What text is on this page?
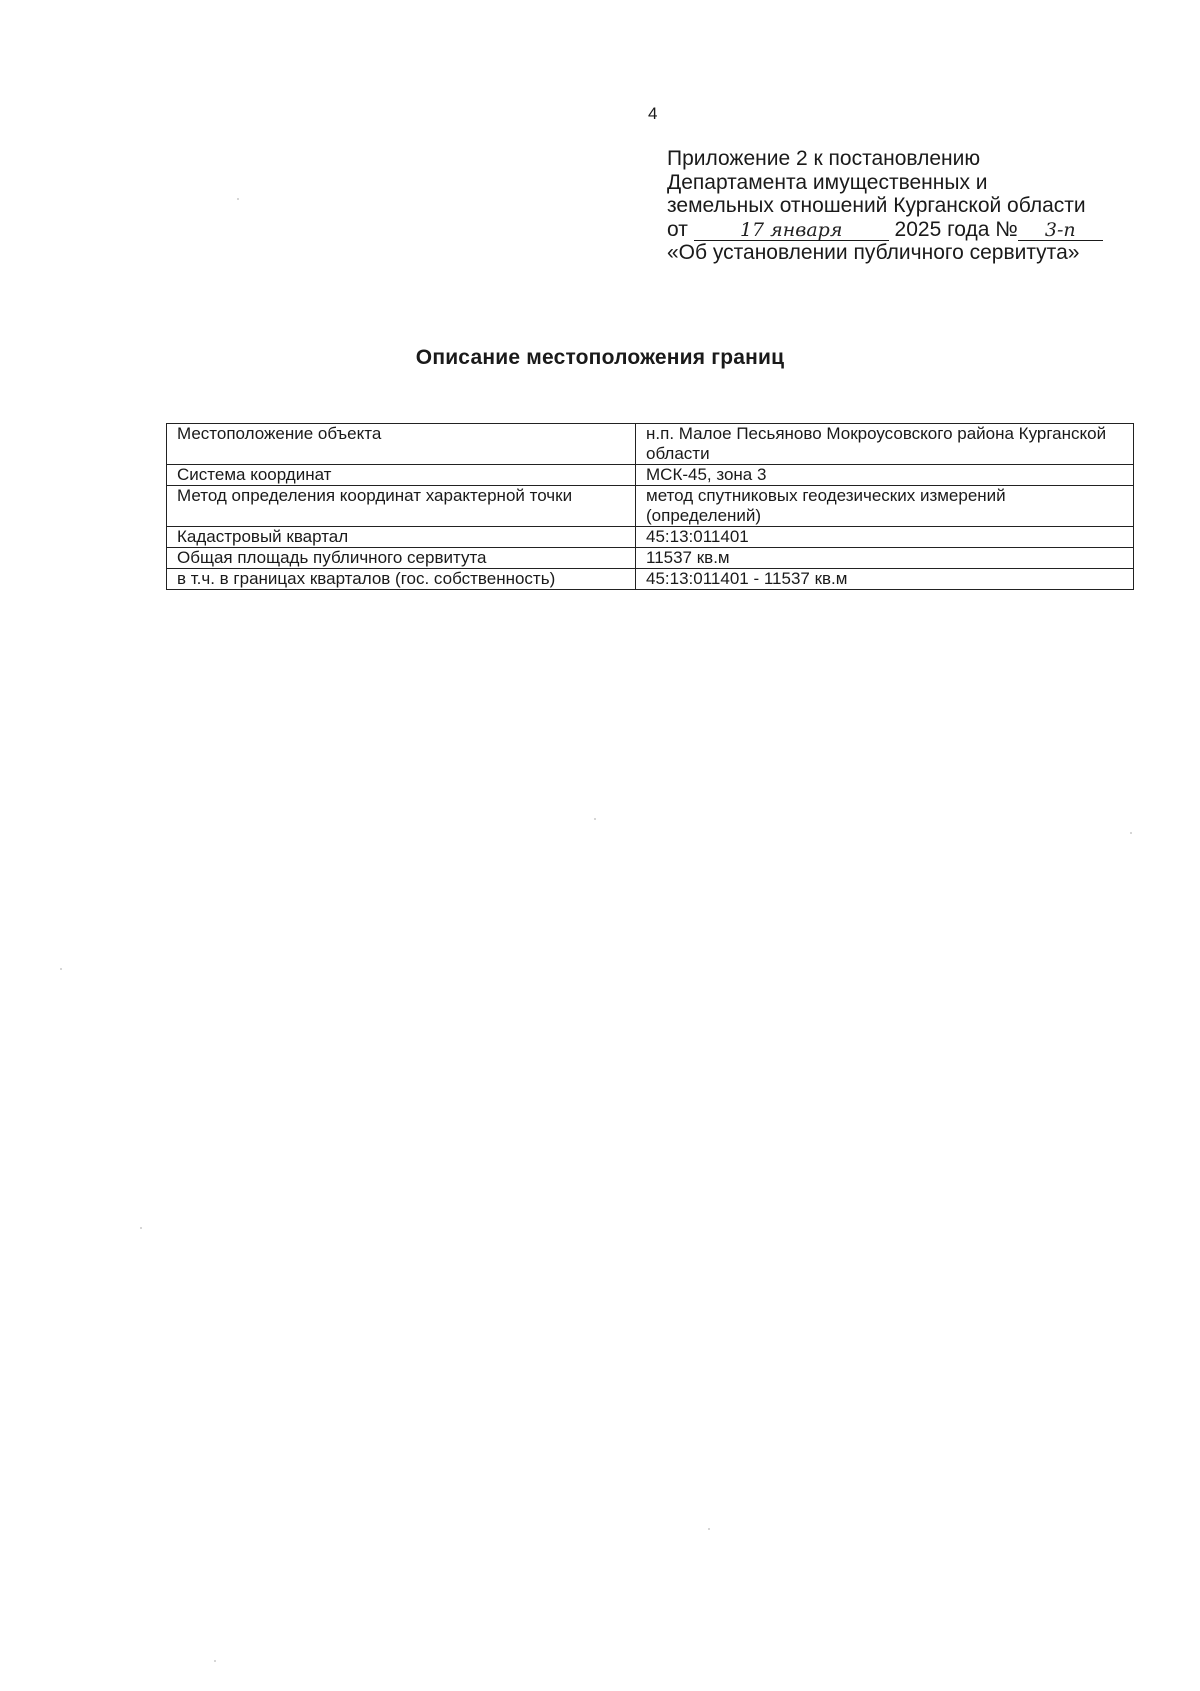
4
Приложение 2 к постановлению
Департамента имущественных и
земельных отношений Курганской области
от	17 января 2025 года № 3-п
«Об установлении публичного сервитута»
Описание местоположения границ
Местоположение объекта	н.п. Малое Песьяново Мокроусовского района Курганской области
Система координат	МСК-45, зона 3
Метод определения координат характерной точки	метод спутниковых геодезических измерений (определений)
Кадастровый квартал	45:13:011401
Общая площадь публичного сервитута	11537 кв.м
в т.ч. в границах кварталов (гос. собственность)	45:13:011401 - 11537 кв.м
